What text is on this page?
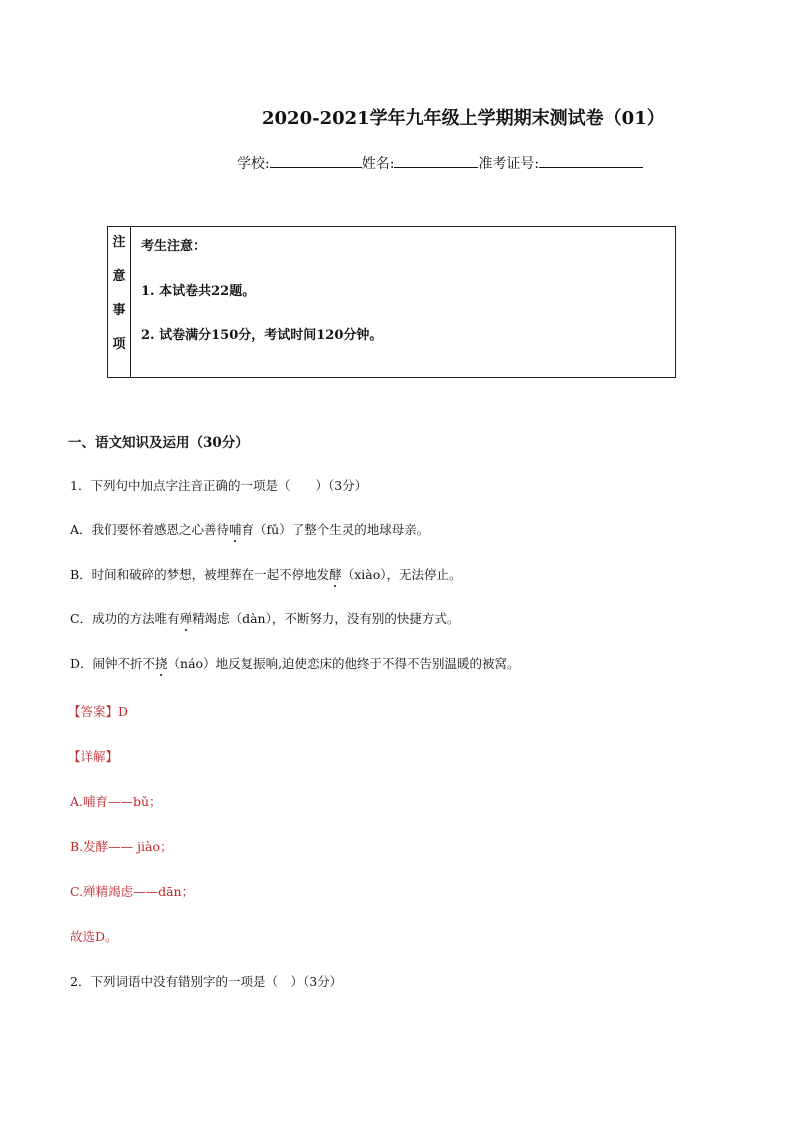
2020-2021学年九年级上学期期末测试卷（01）
学校:	姓名:	准考证号:
注
意
事
项
考生注意：
1. 本试卷共22题。
2. 试卷满分150分，考试时间120分钟。
一、语文知识及运用（30分）
1．下列句中加点字注音正确的一项是（　　）（3分）
A．我们要怀着感恩之心善待哺育（fǔ）了整个生灵的地球母亲。
B．时间和破碎的梦想，被埋葬在一起不停地发酵（xiào），无法停止。
C．成功的方法唯有殚精竭虑（dàn），不断努力，没有别的快捷方式。
D．闹钟不折不挠（náo）地反复振响,迫使恋床的他终于不得不告别温暖的被窝。
【答案】D
【详解】
A.哺育——bǔ；
B.发酵—— jiào；
C.殚精竭虑——dān；
故选D。
2．下列词语中没有错别字的一项是（　）（3分）
